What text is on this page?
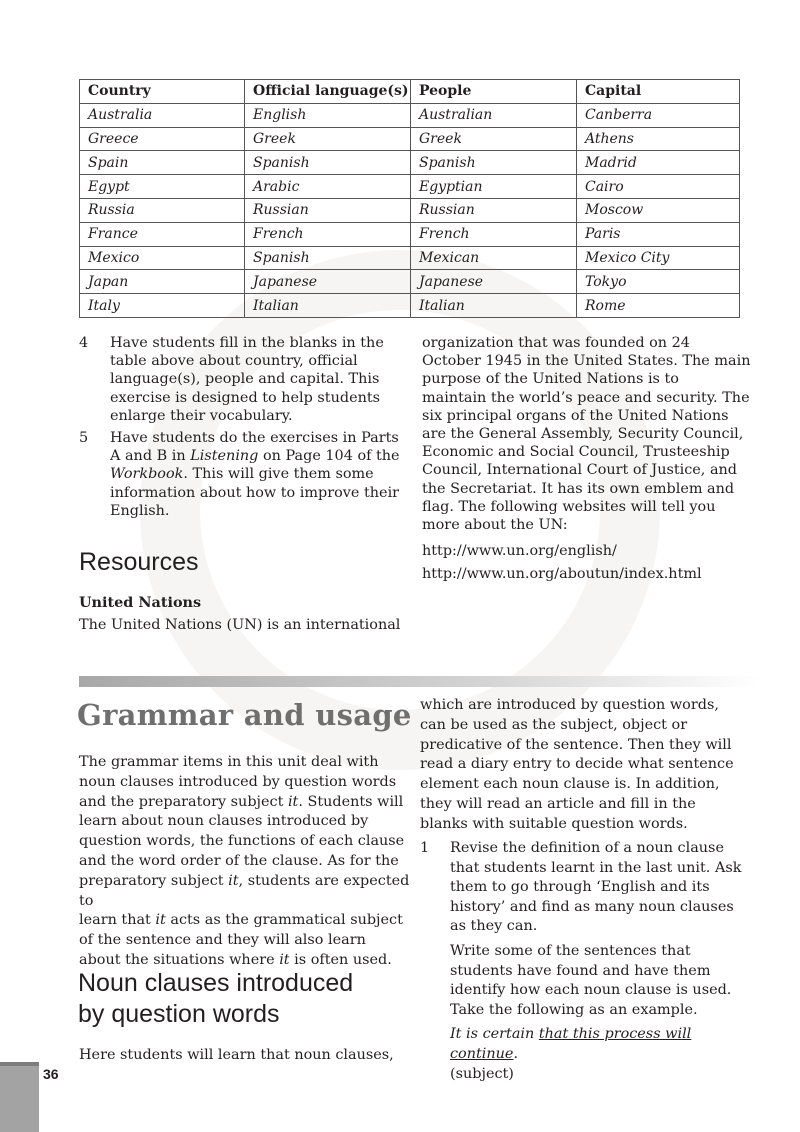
Country	Official language(s)	People	Capital
Australia	English	Australian	Canberra
Greece	Greek	Greek	Athens
Spain	Spanish	Spanish	Madrid
Egypt	Arabic	Egyptian	Cairo
Russia	Russian	Russian	Moscow
France	French	French	Paris
Mexico	Spanish	Mexican	Mexico City
Japan	Japanese	Japanese	Tokyo
Italy	Italian	Italian	Rome
4 Have students fill in the blanks in the
table above about country, official
language(s), people and capital. This
exercise is designed to help students
enlarge their vocabulary.
5 Have students do the exercises in Parts
A and B in Listening on Page 104 of the
Workbook. This will give them some
information about how to improve their
English.
Resources
United Nations
The United Nations (UN) is an international
organization that was founded on 24
October 1945 in the United States. The main
purpose of the United Nations is to
maintain the world’s peace and security. The
six principal organs of the United Nations
are the General Assembly, Security Council,
Economic and Social Council, Trusteeship
Council, International Court of Justice, and
the Secretariat. It has its own emblem and
flag. The following websites will tell you
more about the UN:
http://www.un.org/english/
http://www.un.org/aboutun/index.html
Grammar and usage
The grammar items in this unit deal with
noun clauses introduced by question words
and the preparatory subject it. Students will
learn about noun clauses introduced by
question words, the functions of each clause
and the word order of the clause. As for the
preparatory subject it, students are expected to
learn that it acts as the grammatical subject
of the sentence and they will also learn
about the situations where it is often used.
Noun clauses introduced
by question words
Here students will learn that noun clauses,
which are introduced by question words,
can be used as the subject, object or
predicative of the sentence. Then they will
read a diary entry to decide what sentence
element each noun clause is. In addition,
they will read an article and fill in the
blanks with suitable question words.
1 Revise the definition of a noun clause
that students learnt in the last unit. Ask
them to go through ‘English and its
history’ and find as many noun clauses
as they can.
Write some of the sentences that
students have found and have them
identify how each noun clause is used.
Take the following as an example.
It is certain that this process will continue.
(subject)
36
